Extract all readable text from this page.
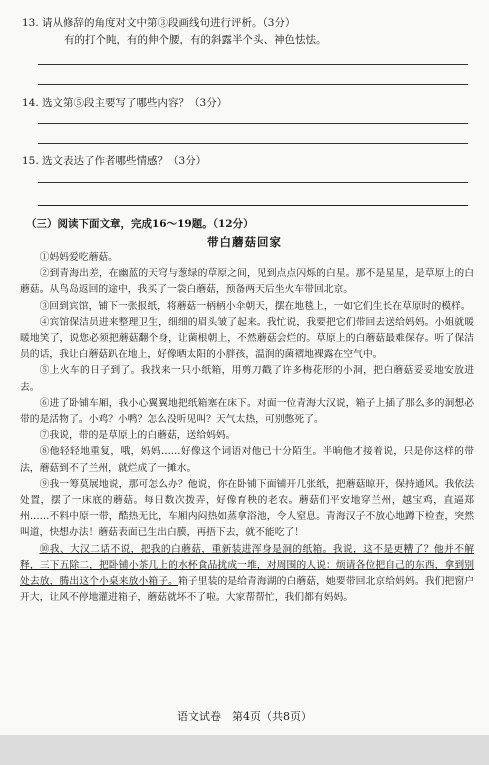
13. 请从修辞的角度对文中第③段画线句进行评析。（3分）
有的打个盹，有的伸个腰，有的斜露半个头、神色怯怯。
14. 选文第⑤段主要写了哪些内容？（3分）
15. 选文表达了作者哪些情感？（3分）
（三）阅读下面文章，完成16～19题。（12分）
带白蘑菇回家

①妈妈爱吃蘑菇。

②到青海出差，在幽蓝的天穹与葱绿的草原之间，见到点点闪烁的白星。那不是星星，是草原上的白蘑菇。从鸟岛返回的途中，我买了一袋白蘑菇，预备两天后坐火车带回北京。

③回到宾馆，铺下一张报纸，将蘑菇一柄柄小伞朝天，摆在地毯上，一如它们生长在草原时的模样。

④宾馆保洁员进来整理卫生，细细的眉头皱了起来。我忙说，我要把它们带回去送给妈妈。小姐就暖暖地笑了，说您必须把蘑菇翻个身，让菌根朝上，不然蘑菇会烂的。草原上的白蘑菇最难保存。听了保洁员的话，我让白蘑菇趴在地上，好像晒太阳的小胖孩，温润的菌褶地裸露在空气中。

⑤上火车的日子到了。我找来一只小纸箱，用剪刀戳了许多梅花形的小洞，把白蘑菇妥妥地安放进去。

⑥进了卧铺车厢，我小心翼翼地把纸箱塞在床下。对面一位青海大汉说，箱子上插了那么多的洞想必带的是活物了。小鸡？小鸭？怎么没听见叫？天气太热，可别憋死了。

⑦我说，带的是草原上的白蘑菇，送给妈妈。

⑧他轻轻地重复，哦，妈妈……好像这个词语对他已十分陌生。半晌他才接着说，只是你这样的带法，蘑菇到不了兰州，就烂成了一摊水。

⑨我一筹莫展地说，那可怎么办？他说，你在卧铺下面铺开几张纸，把蘑菇晾开，保持通风。我依法处置，摆了一床底的蘑菇。每日数次拨弄，好像育秧的老农。蘑菇们平安地穿兰州，越宝鸡，直逼郑州……不料中原一带，酷热无比，车厢内闷热如蒸拿浴池，令人窒息。青海汉子不放心地蹲下检查，突然叫道，快想办法！蘑菇表面已生出白膜，再捂下去，就不能吃了！

⑩我、大汉二话不说，把我的白蘑菇，重新装进浑身是洞的纸箱。我说，这不是更糟了？他并不解释，三下五除二，把卧铺小茶几上的水杯食品扰成一堆，对周围的人说：烦请各位把自己的东西，拿到别处去放，腾出这个小桌来放小箱子。箱子里装的是给青海湖的白蘑菇，她要带回北京给妈妈。我们把窗户开大，让风不停地灌进箱子，蘑菇就坏不了啦。大家帮帮忙，我们都有妈妈。

语文试卷　第4页（共8页）
